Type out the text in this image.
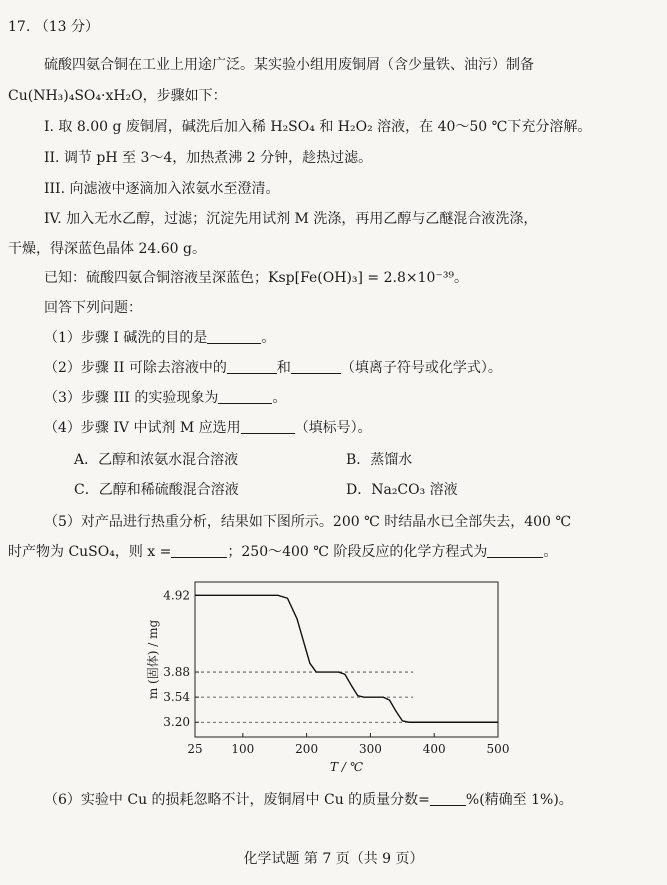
17. （13 分）
硫酸四氨合铜在工业上用途广泛。某实验小组用废铜屑（含少量铁、油污）制备
Cu(NH₃)₄SO₄·xH₂O，步骤如下：
I. 取 8.00 g 废铜屑，碱洗后加入稀 H₂SO₄ 和 H₂O₂ 溶液，在 40～50 ℃下充分溶解。
II. 调节 pH 至 3～4，加热煮沸 2 分钟，趁热过滤。
III. 向滤液中逐滴加入浓氨水至澄清。
IV. 加入无水乙醇，过滤；沉淀先用试剂 M 洗涤，再用乙醇与乙醚混合液洗涤，
干燥，得深蓝色晶体 24.60 g。
已知：硫酸四氨合铜溶液呈深蓝色；Ksp[Fe(OH)₃] = 2.8×10⁻³⁹。
回答下列问题：
（1）步骤 I 碱洗的目的是	。
（2）步骤 II 可除去溶液中的	和	（填离子符号或化学式）。
（3）步骤 III 的实验现象为	。
（4）步骤 IV 中试剂 M 应选用	（填标号）。
A．乙醇和浓氨水混合溶液	B．蒸馏水
C．乙醇和稀硫酸混合溶液	D．Na₂CO₃ 溶液
（5）对产品进行热重分析，结果如下图所示。200 ℃ 时结晶水已全部失去，400 ℃
时产物为 CuSO₄，则 x =	；250～400 ℃ 阶段反应的化学方程式为	。
4.92
3.88
3.54
3.20
25 100	200	300	400	500
T / ℃
m (固体) / mg
（6）实验中 Cu 的损耗忽略不计，废铜屑中 Cu 的质量分数=	%(精确至 1%)。
化学试题 第 7 页（共 9 页）
